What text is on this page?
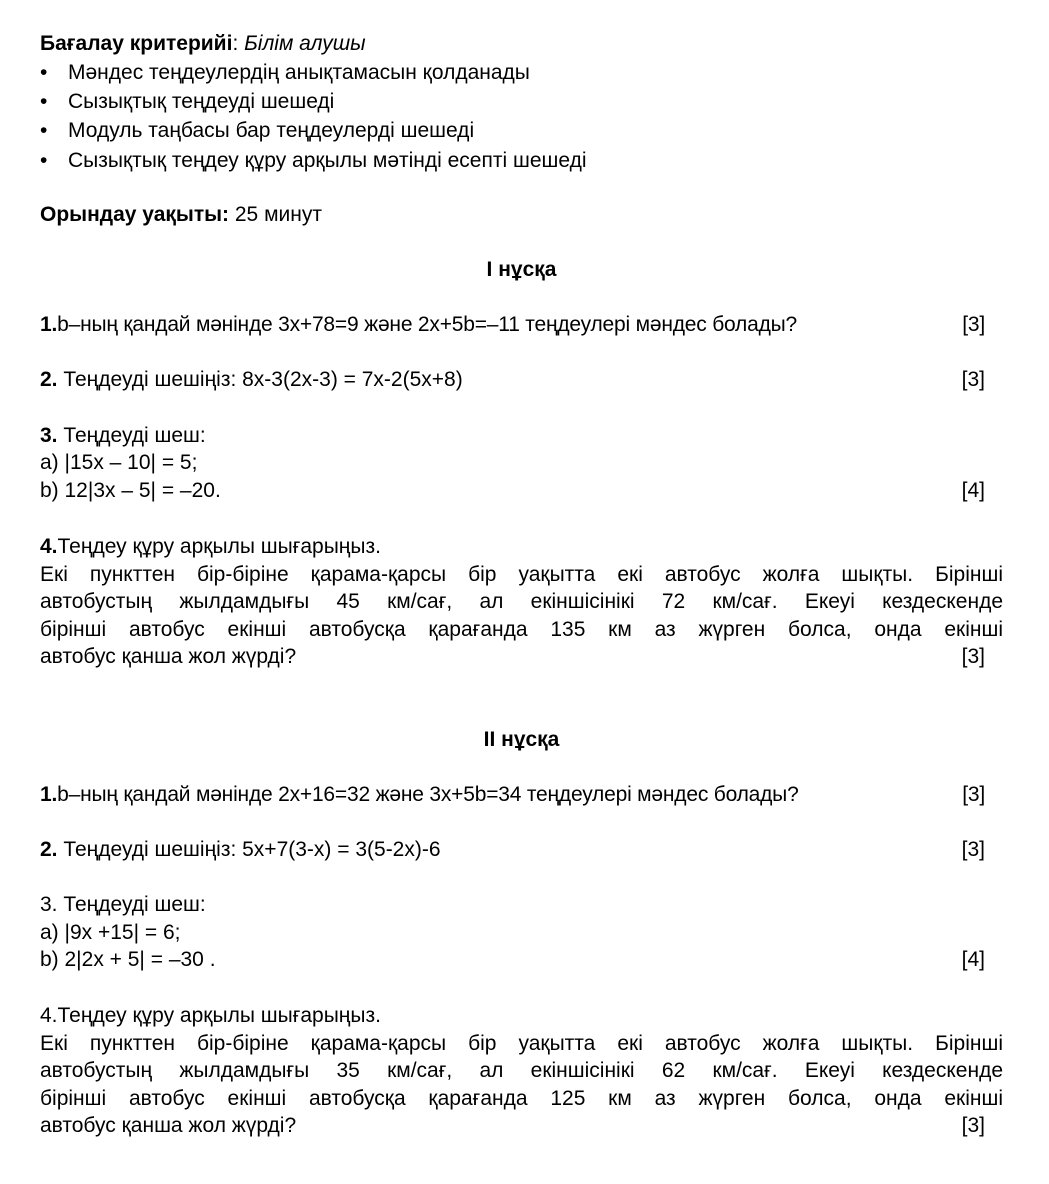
Бағалау критерийі: Білім алушы
• Мәндес теңдеулердің анықтамасын қолданады
• Сызықтық теңдеуді шешеді
• Модуль таңбасы бар теңдеулерді шешеді
• Сызықтық теңдеу құру арқылы мәтінді есепті шешеді
Орындау уақыты: 25 минут
I нұсқа
1.b–ның қандай мәнінде 3x+78=9 және 2x+5b=–11 теңдеулері мәндес болады?	[3]
2. Теңдеуді шешіңіз: 8х-3(2х-3) = 7х-2(5х+8)	[3]
3. Теңдеуді шеш:
a) |15x – 10| = 5;
b) 12|3x – 5| = –20.	[4]
4.Теңдеу құру арқылы шығарыңыз.
Екі пункттен бір-біріне қарама-қарсы бір уақытта екі автобус жолға шықты. Бірінші
автобустың жылдамдығы 45 км/сағ, ал екіншісінікі 72 км/сағ. Екеуі кездескенде
бірінші автобус екінші автобусқа қарағанда 135 км аз жүрген болса, онда екінші
автобус қанша жол жүрді?	[3]
II нұсқа
1.b–ның қандай мәнінде 2x+16=32 және 3x+5b=34 теңдеулері мәндес болады?	[3]
2. Теңдеуді шешіңіз: 5х+7(3-х) = 3(5-2х)-6	[3]
3. Теңдеуді шеш:
a) |9x +15| = 6;
b) 2|2x + 5| = –30 .	[4]
4.Теңдеу құру арқылы шығарыңыз.
Екі пункттен бір-біріне қарама-қарсы бір уақытта екі автобус жолға шықты. Бірінші
автобустың жылдамдығы 35 км/сағ, ал екіншісінікі 62 км/сағ. Екеуі кездескенде
бірінші автобус екінші автобусқа қарағанда 125 км аз жүрген болса, онда екінші
автобус қанша жол жүрді?	[3]
